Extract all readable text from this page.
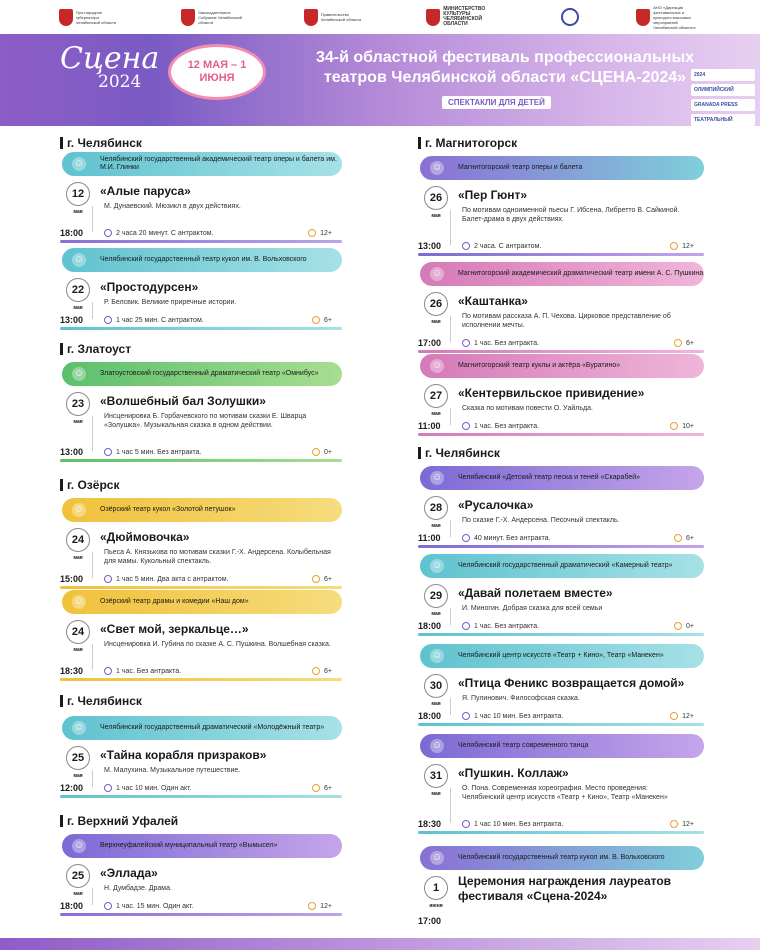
Про-народное губернатора Челябинской области
Законодательное Собрание Челябинской области
Правительство Челябинской области
МИНИСТЕРСТВО КУЛЬТУРЫ ЧЕЛЯБИНСКОЙ ОБЛАСТИ
АНО «Дирекция фестивальных и культурно-массовых мероприятий Челябинской области»
Сцена
2024
12 МАЯ – 1 ИЮНЯ
34-й областной фестиваль профессиональных театров Челябинской области «СЦЕНА-2024»
СПЕКТАКЛИ ДЛЯ ДЕТЕЙ
2024
ОЛИМПИЙСКИЙ
GRANADA PRESS
ТЕАТРАЛЬНЫЙ
г. Челябинск
☺ Челябинский государственный академический театр оперы и балета им. М.И. Глинки
12
мая
«Алые паруса»
М. Дунаевский. Мюзикл в двух действиях.
18:00	2 часа 20 минут. С антрактом.	12+
☺ Челябинский государственный театр кукол им. В. Вольховского
22
мая
«Простодурсен»
Р. Белсвик. Великие приречные истории.
13:00	1 час 25 мин. С антрактом.	6+
г. Златоуст
☺ Златоустовский государственный драматический театр «Омнибус»
23
мая
«Волшебный бал Золушки»
Инсценировка Б. Горбачевского по мотивам сказки Е. Шварца «Золушка». Музыкальная сказка в одном действии.
13:00	1 час 5 мин. Без антракта.	0+
г. Озёрск
☺ Озёрский театр кукол «Золотой петушок»
24
мая
«Дюймовочка»
Пьеса А. Князькова по мотивам сказки Г.-Х. Андерсена. Колыбельная для мамы. Кукольный спектакль.
15:00	1 час 5 мин. Два акта с антрактом.	6+
☺ Озёрский театр драмы и комедии «Наш дом»
24
мая
«Свет мой, зеркальце…»
Инсценировка И. Губина по сказке А. С. Пушкина. Волшебная сказка.
18:30	1 час. Без антракта.	6+
г. Челябинск
☺ Челябинский государственный драматический «Молодёжный театр»
25
мая
«Тайна корабля призраков»
М. Малухина. Музыкальное путешествие.
12:00	1 час 10 мин. Один акт.	6+
г. Верхний Уфалей
☺ Верхнеуфалейский муниципальный театр «Вымысел»
25
мая
«Эллада»
Н. Думбадзе. Драма.
18:00	1 час. 15 мин. Один акт.	12+
г. Магнитогорск
☺ Магнитогорский театр оперы и балета
26
мая
«Пер Гюнт»
По мотивам одноименной пьесы Г. Ибсена. Либретто В. Сайкиной. Балет-драма в двух действиях.
13:00	2 часа. С антрактом.	12+
☺ Магнитогорский академический драматический театр имени А. С. Пушкина
26
мая
«Каштанка»
По мотивам рассказа А. П. Чехова. Цирковое представление об исполнении мечты.
17:00	1 час. Без антракта.	6+
☺ Магнитогорский театр куклы и актёра «Буратино»
27
мая
«Кентервильское привидение»
Сказка по мотивам повести О. Уайльда.
11:00	1 час. Без антракта.	10+
г. Челябинск
☺ Челябинский «Детский театр песка и теней «Скарабей»
28
мая
«Русалочка»
По сказке Г.-Х. Андерсена. Песочный спектакль.
11:00	40 минут. Без антракта.	6+
☺ Челябинский государственный драматический «Камерный театр»
29
мая
«Давай полетаем вместе»
И. Миногин. Добрая сказка для всей семьи
18:00	1 час. Без антракта.	0+
☺ Челябинский центр искусств «Театр + Кино», Театр «Манекен»
30
мая
«Птица Феникс возвращается домой»
Я. Пулинович. Философская сказка.
18:00	1 час 10 мин. Без антракта.	12+
☺ Челябинский театр современного танца
31
мая
«Пушкин. Коллаж»
О. Пона. Современная хореография. Место проведения: Челябинский центр искусств «Театр + Кино», Театр «Манекен»
18:30	1 час 10 мин. Без антракта.	12+
☺ Челябинский государственный театр кукол им. В. Вольховского
1
июня
Церемония награждения лауреатов фестиваля «Сцена-2024»
17:00
